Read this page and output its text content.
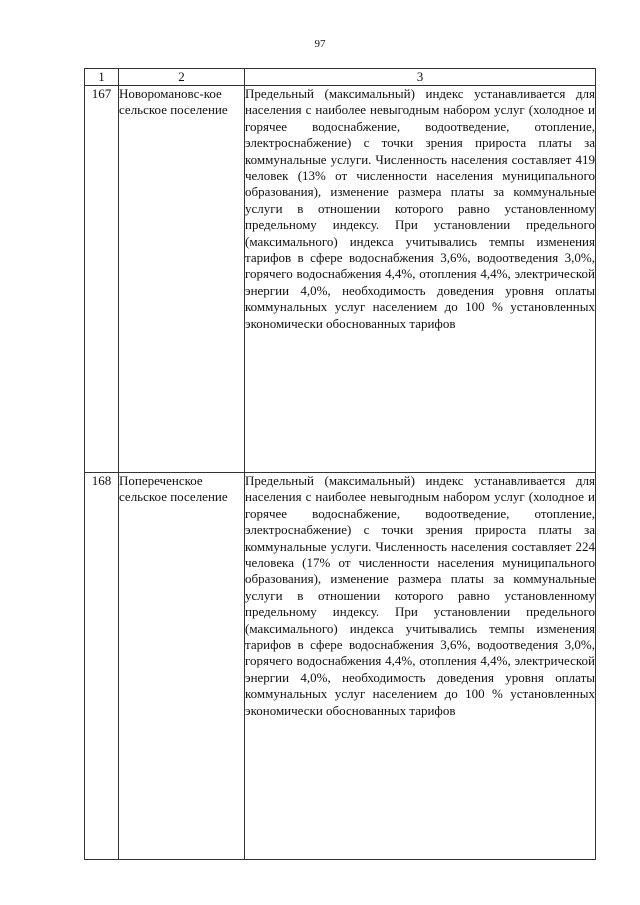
97
1	2	3
167	Новоромановс-кое сельское поселение	Предельный (максимальный) индекс устанавливается для населения с наиболее невыгодным набором услуг (холодное и горячее водоснабжение, водоотведение, отопление, электроснабжение) с точки зрения прироста платы за коммунальные услуги. Численность населения составляет 419 человек (13% от численности населения муниципального образования), изменение размера платы за коммунальные услуги в отношении которого равно установленному предельному индексу. При установлении предельного (максимального) индекса учитывались темпы изменения тарифов в сфере водоснабжения 3,6%, водоотведения 3,0%, горячего водоснабжения 4,4%, отопления 4,4%, электрической энергии 4,0%, необходимость доведения уровня оплаты коммунальных услуг населением до 100 % установленных экономически обоснованных тарифов
168	Попереченское сельское поселение	Предельный (максимальный) индекс устанавливается для населения с наиболее невыгодным набором услуг (холодное и горячее водоснабжение, водоотведение, отопление, электроснабжение) с точки зрения прироста платы за коммунальные услуги. Численность населения составляет 224 человека (17% от численности населения муниципального образования), изменение размера платы за коммунальные услуги в отношении которого равно установленному предельному индексу. При установлении предельного (максимального) индекса учитывались темпы изменения тарифов в сфере водоснабжения 3,6%, водоотведения 3,0%, горячего водоснабжения 4,4%, отопления 4,4%, электрической энергии 4,0%, необходимость доведения уровня оплаты коммунальных услуг населением до 100 % установленных экономически обоснованных тарифов
